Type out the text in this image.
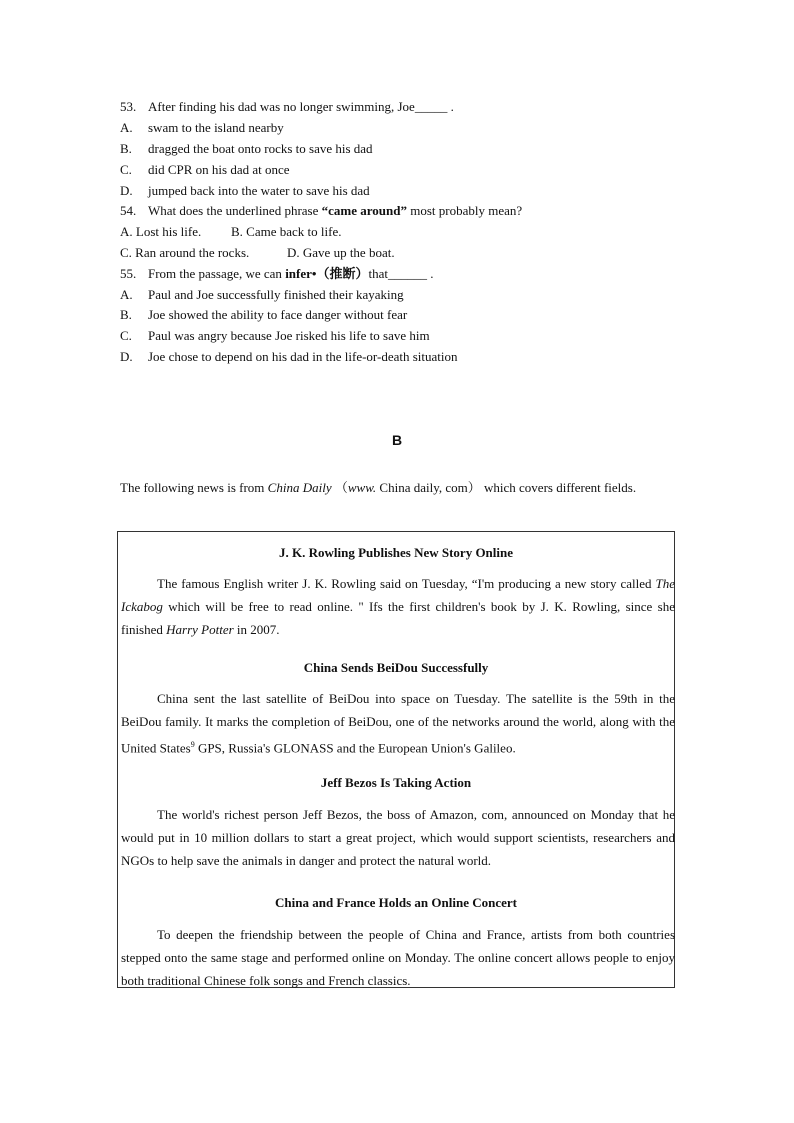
53. After finding his dad was no longer swimming, Joe_____ .
A. swam to the island nearby
B. dragged the boat onto rocks to save his dad
C. did CPR on his dad at once
D. jumped back into the water to save his dad
54. What does the underlined phrase “came around” most probably mean?
A. Lost his life. B. Came back to life.
C. Ran around the rocks.	D. Gave up the boat.
55. From the passage, we can infer•（推断）that______ .
A. Paul and Joe successfully finished their kayaking
B. Joe showed the ability to face danger without fear
C. Paul was angry because Joe risked his life to save him
D. Joe chose to depend on his dad in the life-or-death situation
B
The following news is from China Daily （www. China daily, com） which covers different fields.
J. K. Rowling Publishes New Story Online
The famous English writer J. K. Rowling said on Tuesday, “I'm producing a new story called The Ickabog which will be free to read online. " Ifs the first children's book by J. K. Rowling, since she finished Harry Potter in 2007.
China Sends BeiDou Successfully
China sent the last satellite of BeiDou into space on Tuesday. The satellite is the 59th in the BeiDou family. It marks the completion of BeiDou, one of the networks around the world, along with the United States$^9$ GPS, Russia's GLONASS and the European Union's Galileo.
Jeff Bezos Is Taking Action
The world's richest person Jeff Bezos, the boss of Amazon, com, announced on Monday that he would put in 10 million dollars to start a great project, which would support scientists, researchers and NGOs to help save the animals in danger and protect the natural world.
China and France Holds an Online Concert
To deepen the friendship between the people of China and France, artists from both countries stepped onto the same stage and performed online on Monday. The online concert allows people to enjoy both traditional Chinese folk songs and French classics.
